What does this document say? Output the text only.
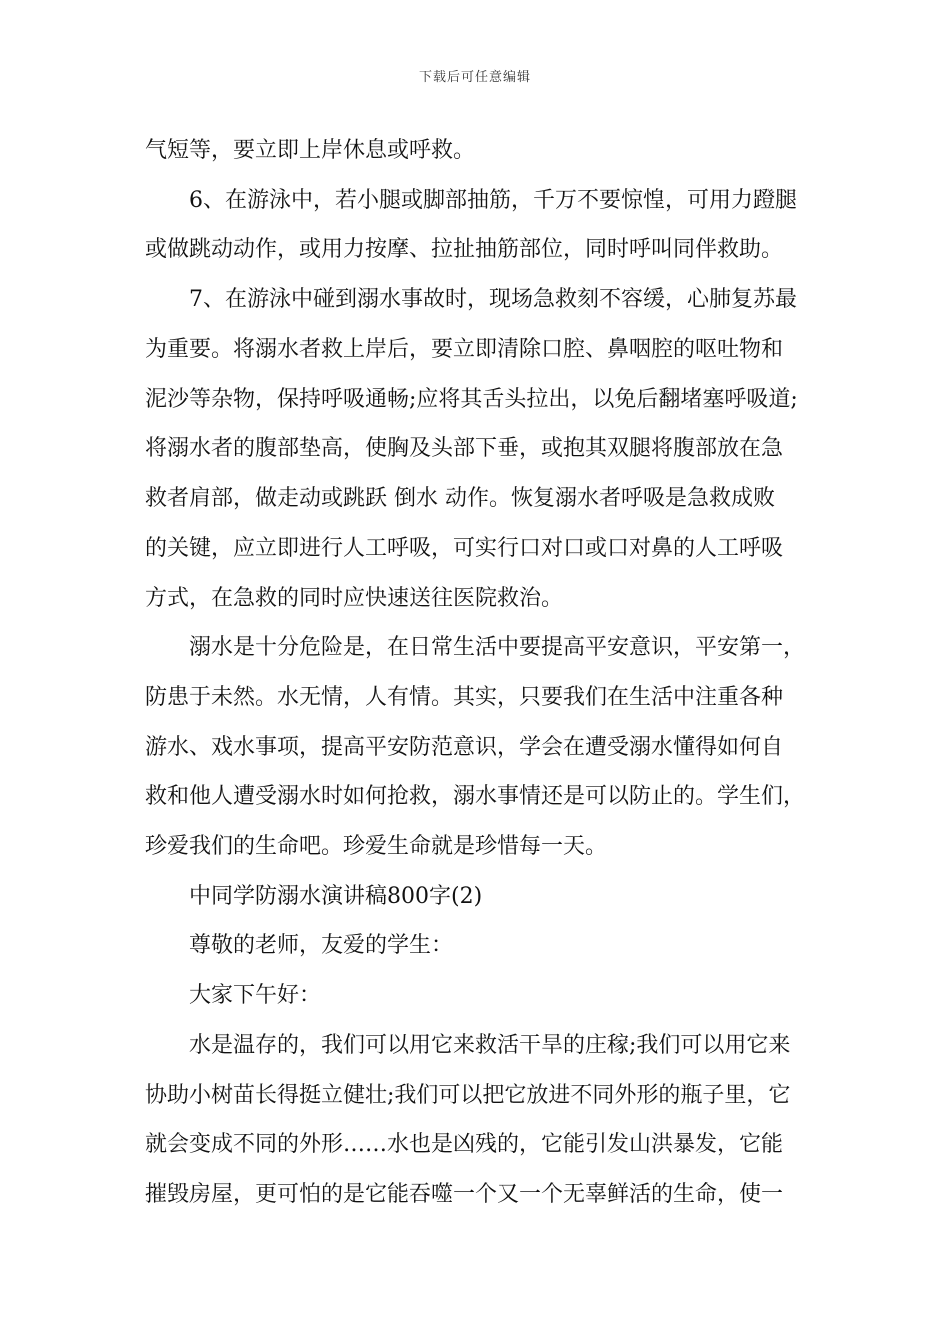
下载后可任意编辑
气短等，要立即上岸休息或呼救。
6、在游泳中，若小腿或脚部抽筋，千万不要惊惶，可用力蹬腿
或做跳动动作，或用力按摩、拉扯抽筋部位，同时呼叫同伴救助。
7、在游泳中碰到溺水事故时，现场急救刻不容缓，心肺复苏最
为重要。将溺水者救上岸后，要立即清除口腔、鼻咽腔的呕吐物和
泥沙等杂物，保持呼吸通畅;应将其舌头拉出，以免后翻堵塞呼吸道;
将溺水者的腹部垫高，使胸及头部下垂，或抱其双腿将腹部放在急
救者肩部，做走动或跳跃 倒水 动作。恢复溺水者呼吸是急救成败
的关键，应立即进行人工呼吸，可实行口对口或口对鼻的人工呼吸
方式，在急救的同时应快速送往医院救治。
溺水是十分危险是，在日常生活中要提高平安意识，平安第一，
防患于未然。水无情，人有情。其实，只要我们在生活中注重各种
游水、戏水事项，提高平安防范意识，学会在遭受溺水懂得如何自
救和他人遭受溺水时如何抢救，溺水事情还是可以防止的。学生们，
珍爱我们的生命吧。珍爱生命就是珍惜每一天。
中同学防溺水演讲稿800字(2)
尊敬的老师，友爱的学生：
大家下午好：
水是温存的，我们可以用它来救活干旱的庄稼;我们可以用它来
协助小树苗长得挺立健壮;我们可以把它放进不同外形的瓶子里，它
就会变成不同的外形……水也是凶残的，它能引发山洪暴发，它能
摧毁房屋，更可怕的是它能吞噬一个又一个无辜鲜活的生命，使一
